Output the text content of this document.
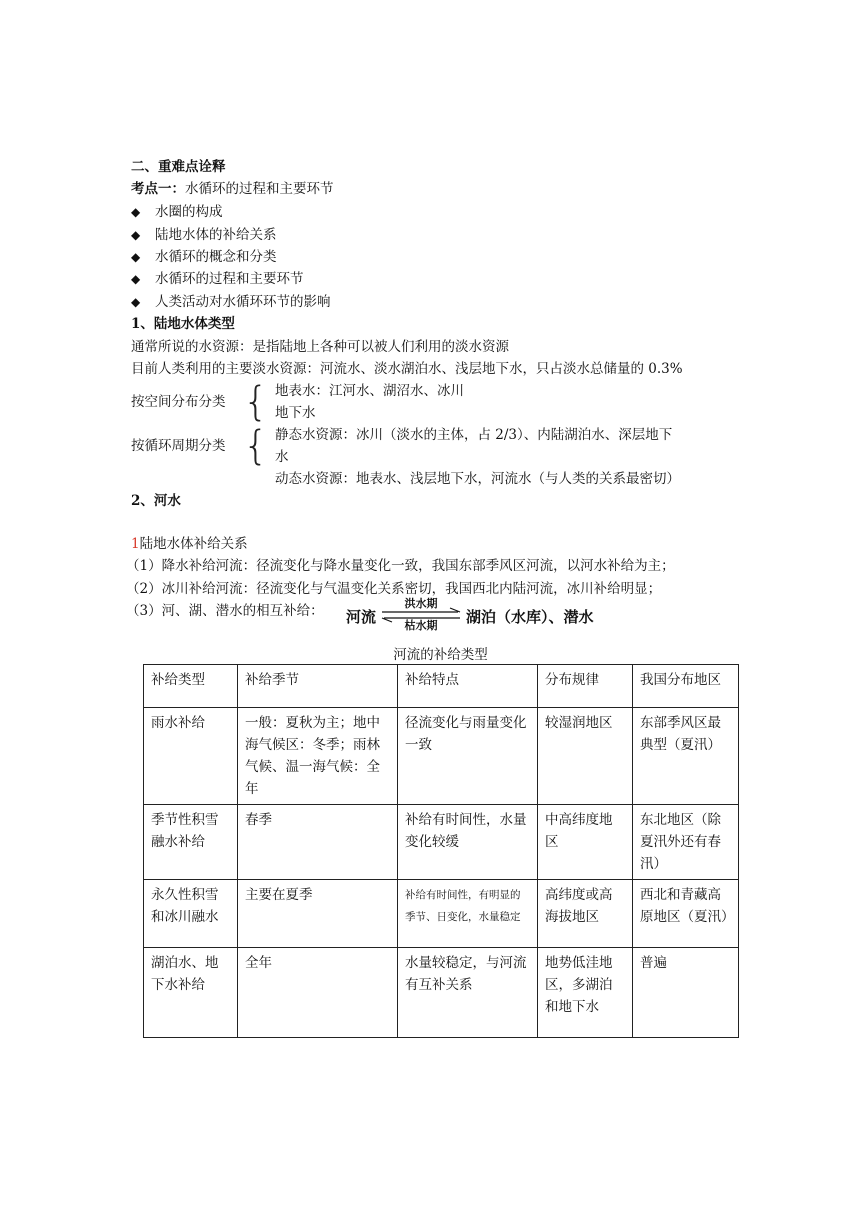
二、重难点诠释
考点一：水循环的过程和主要环节
◆ 水圈的构成
◆ 陆地水体的补给关系
◆ 水循环的概念和分类
◆ 水循环的过程和主要环节
◆ 人类活动对水循环环节的影响
1、陆地水体类型
通常所说的水资源：是指陆地上各种可以被人们利用的淡水资源
目前人类利用的主要淡水资源：河流水、淡水湖泊水、浅层地下水，只占淡水总储量的 0.3%
按空间分布分类 { 地表水：江河水、湖沼水、冰川
地下水
按循环周期分类 { 静态水资源：冰川（淡水的主体，占 2/3）、内陆湖泊水、深层地下
水
动态水资源：地表水、浅层地下水，河流水（与人类的关系最密切）
2、河水
1陆地水体补给关系
（1）降水补给河流：径流变化与降水量变化一致，我国东部季风区河流，以河水补给为主；
（2）冰川补给河流：径流变化与气温变化关系密切，我国西北内陆河流，冰川补给明显；
（3）河、湖、潜水的相互补给： 河流
洪水期
枯水期	湖泊（水库）、潜水
河流的补给类型
补给类型	补给季节	补给特点	分布规律	我国分布地区
雨水补给	一般：夏秋为主；地中海气候区：冬季；雨林气候、温一海气候：全年	径流变化与雨量变化一致	较湿润地区	东部季风区最典型（夏汛）
季节性积雪融水补给	春季	补给有时间性，水量变化较缓	中高纬度地区	东北地区（除夏汛外还有春汛）
永久性积雪和冰川融水	主要在夏季	补给有时间性，有明显的季节、日变化，水量稳定	高纬度或高海拔地区	西北和青藏高原地区（夏汛）
湖泊水、地下水补给	全年	水量较稳定，与河流有互补关系	地势低洼地区，多湖泊和地下水	普遍
